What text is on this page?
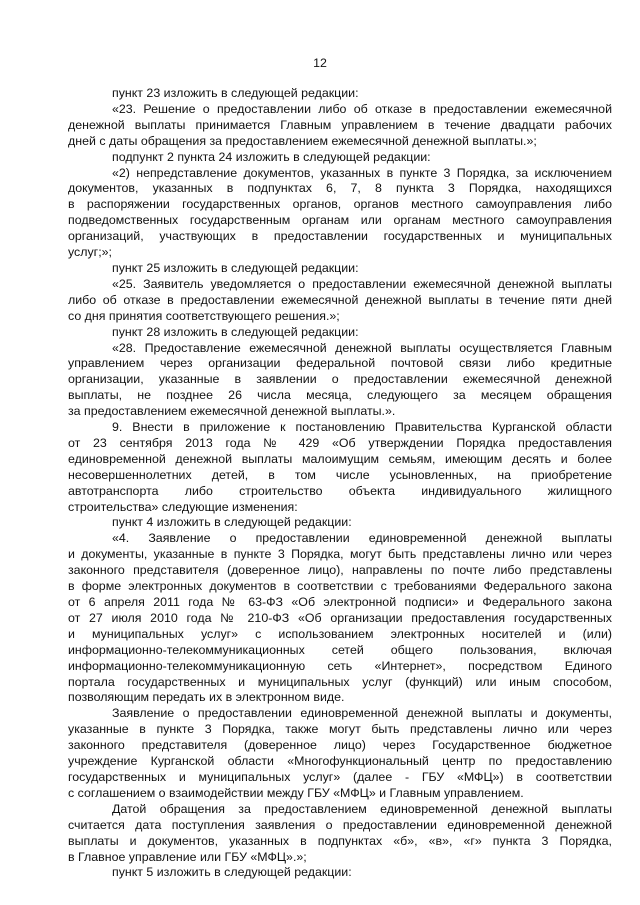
12
пункт 23 изложить в следующей редакции:
«23. Решение о предоставлении либо об отказе в предоставлении ежемесячной
денежной выплаты принимается Главным управлением в течение двадцати рабочих
дней с даты обращения за предоставлением ежемесячной денежной выплаты.»;
подпункт 2 пункта 24 изложить в следующей редакции:
«2) непредставление документов, указанных в пункте 3 Порядка, за исключением
документов, указанных в подпунктах 6, 7, 8 пункта 3 Порядка, находящихся
в распоряжении государственных органов, органов местного самоуправления либо
подведомственных государственным органам или органам местного самоуправления
организаций, участвующих в предоставлении государственных и муниципальных
услуг;»;
пункт 25 изложить в следующей редакции:
«25. Заявитель уведомляется о предоставлении ежемесячной денежной выплаты
либо об отказе в предоставлении ежемесячной денежной выплаты в течение пяти дней
со дня принятия соответствующего решения.»;
пункт 28 изложить в следующей редакции:
«28. Предоставление ежемесячной денежной выплаты осуществляется Главным
управлением через организации федеральной почтовой связи либо кредитные
организации, указанные в заявлении о предоставлении ежемесячной денежной
выплаты, не позднее 26 числа месяца, следующего за месяцем обращения
за предоставлением ежемесячной денежной выплаты.».
9. Внести в приложение к постановлению Правительства Курганской области
от 23 сентября 2013 года № 429 «Об утверждении Порядка предоставления
единовременной денежной выплаты малоимущим семьям, имеющим десять и более
несовершеннолетних детей, в том числе усыновленных, на приобретение
автотранспорта либо строительство объекта индивидуального жилищного
строительства» следующие изменения:
пункт 4 изложить в следующей редакции:
«4. Заявление о предоставлении единовременной денежной выплаты
и документы, указанные в пункте 3 Порядка, могут быть представлены лично или через
законного представителя (доверенное лицо), направлены по почте либо представлены
в форме электронных документов в соответствии с требованиями Федерального закона
от 6 апреля 2011 года № 63-ФЗ «Об электронной подписи» и Федерального закона
от 27 июля 2010 года № 210-ФЗ «Об организации предоставления государственных
и муниципальных услуг» с использованием электронных носителей и (или)
информационно-телекоммуникационных сетей общего пользования, включая
информационно-телекоммуникационную сеть «Интернет», посредством Единого
портала государственных и муниципальных услуг (функций) или иным способом,
позволяющим передать их в электронном виде.
Заявление о предоставлении единовременной денежной выплаты и документы,
указанные в пункте 3 Порядка, также могут быть представлены лично или через
законного представителя (доверенное лицо) через Государственное бюджетное
учреждение Курганской области «Многофункциональный центр по предоставлению
государственных и муниципальных услуг» (далее - ГБУ «МФЦ») в соответствии
с соглашением о взаимодействии между ГБУ «МФЦ» и Главным управлением.
Датой обращения за предоставлением единовременной денежной выплаты
считается дата поступления заявления о предоставлении единовременной денежной
выплаты и документов, указанных в подпунктах «б», «в», «г» пункта 3 Порядка,
в Главное управление или ГБУ «МФЦ».»;
пункт 5 изложить в следующей редакции:
